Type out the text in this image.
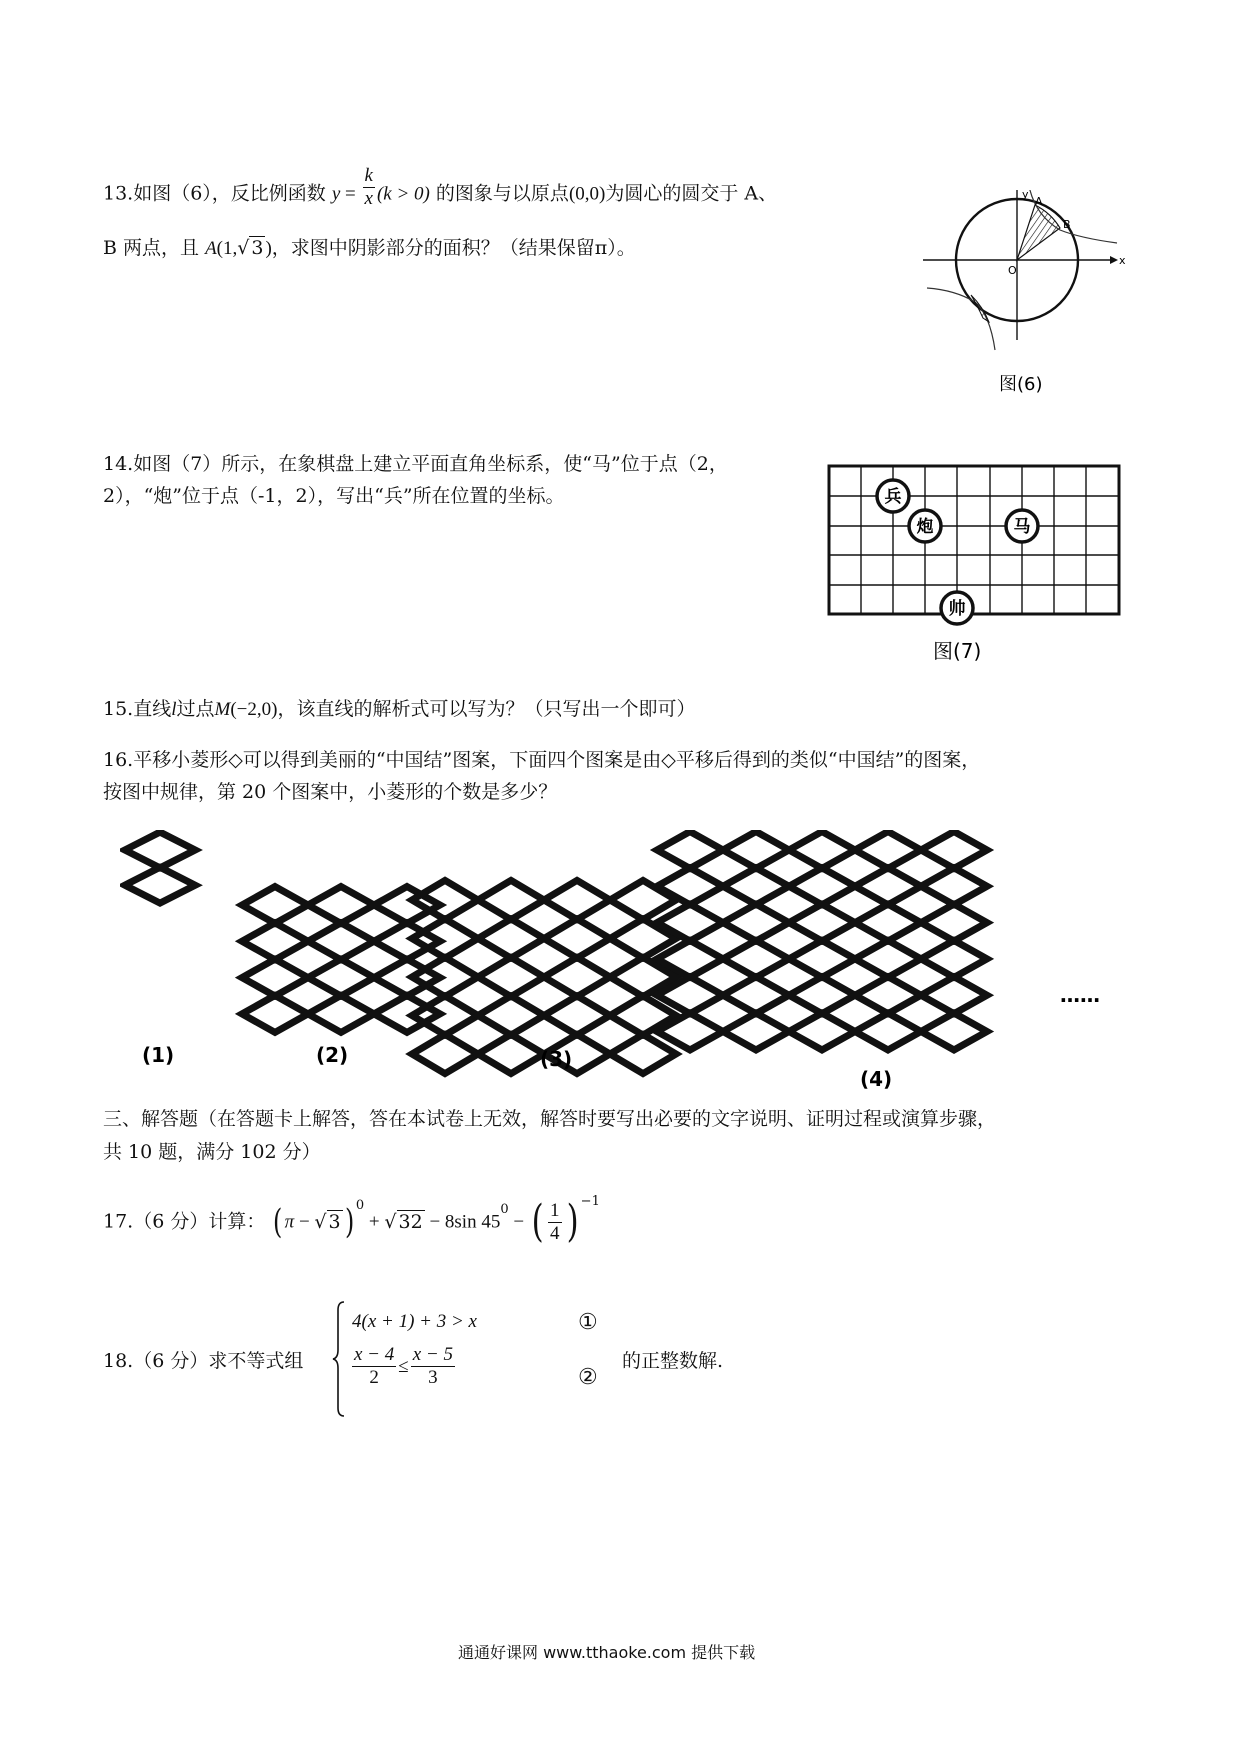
13.如图（6），反比例函数 $y = \frac{k}{x} (k > 0)$ 的图象与以原点(0,0)为圆心的圆交于 A、
B 两点，且 A(1,√ 3 )，求图中阴影部分的面积？（结果保留π）。
y
x
A
B
O
图(6)
14.如图（7）所示，在象棋盘上建立平面直角坐标系，使“马”位于点（2，
2），“炮”位于点（-1，2），写出“兵”所在位置的坐标。	兵
炮	马
帅
图(7)
15.直线l过点M(−2,0)，该直线的解析式可以写为？（只写出一个即可）
16.平移小菱形◇可以得到美丽的“中国结”图案，下面四个图案是由◇平移后得到的类似“中国结”的图案，
按图中规律，第 20 个图案中，小菱形的个数是多少？
(1)	(2)	(3)
(4)
……
三、解答题（在答题卡上解答，答在本试卷上无效，解答时要写出必要的文字说明、证明过程或演算步骤，
共 10 题，满分 102 分）
17.（6 分）计算： ( π − √ 3 ) $^0$ + √ 32 − 8sin $45^0$ − ( $\frac{1}{4}$ ) $^{-1}$
18.（6 分）求不等式组
4(x + 1) + 3 > x
$\frac{x - 4}{2} \le \frac{x - 5}{3}$
①
②
的正整数解.
通通好课网 www.tthaoke.com 提供下载
